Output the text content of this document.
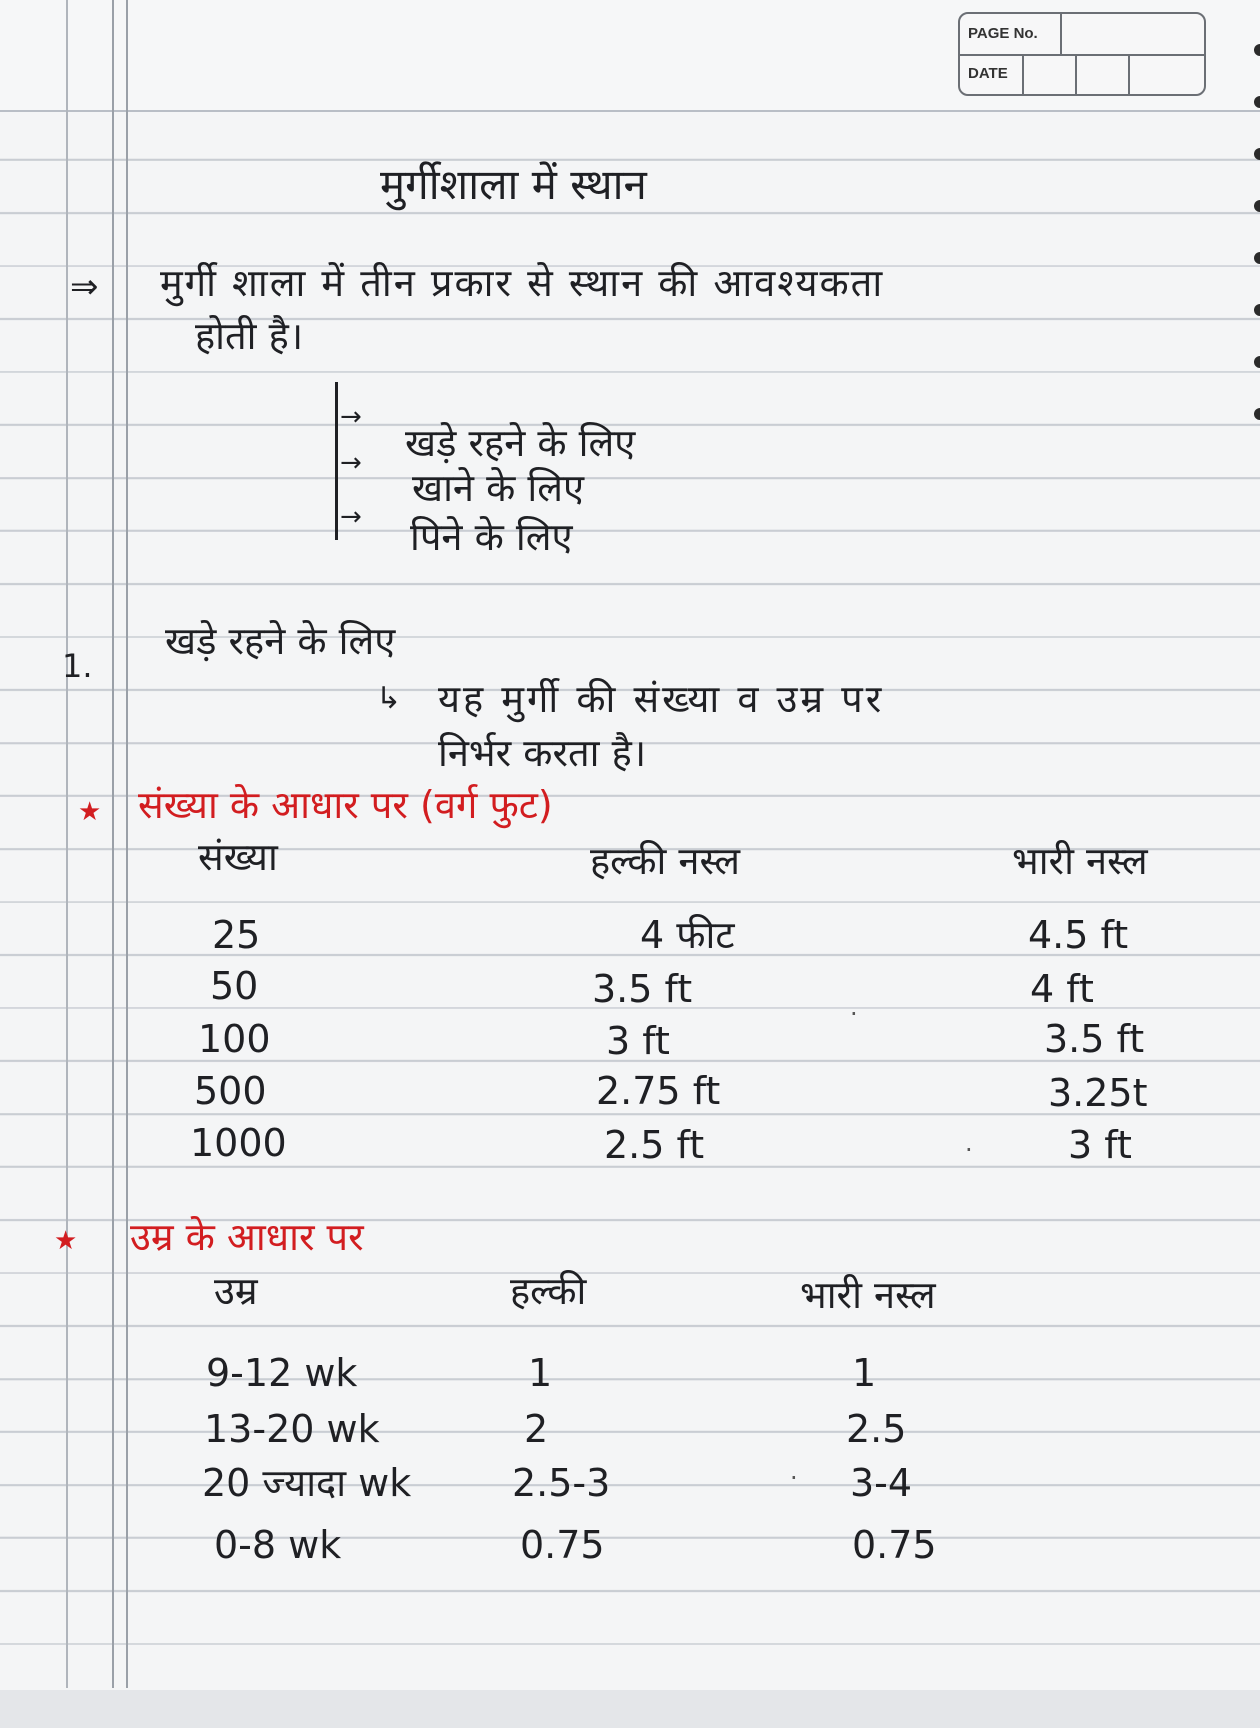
PAGE No.
DATE
मुर्गीशाला में स्थान
⇒ मुर्गी शाला में तीन प्रकार से स्थान की आवश्यकता
होती है।
→
→
→
खड़े रहने के लिए
खाने के लिए
पिने के लिए
1.
खड़े रहने के लिए
↳ यह मुर्गी की संख्या व उम्र पर
निर्भर करता है।
★ संख्या के आधार पर (वर्ग फुट)
संख्या	हल्की नस्ल	भारी नस्ल
25	4 फीट	4.5 ft
50	3.5 ft	4 ft
100	3 ft	3.5 ft
500	2.75 ft	3.25t
1000	2.5 ft	3 ft
★ उम्र के आधार पर
उम्र	हल्की	भारी नस्ल
9-12 wk	1	1
13-20 wk	2	2.5
20 ज्यादा wk	2.5-3	3-4
0-8 wk	0.75	0.75
·
·
·
